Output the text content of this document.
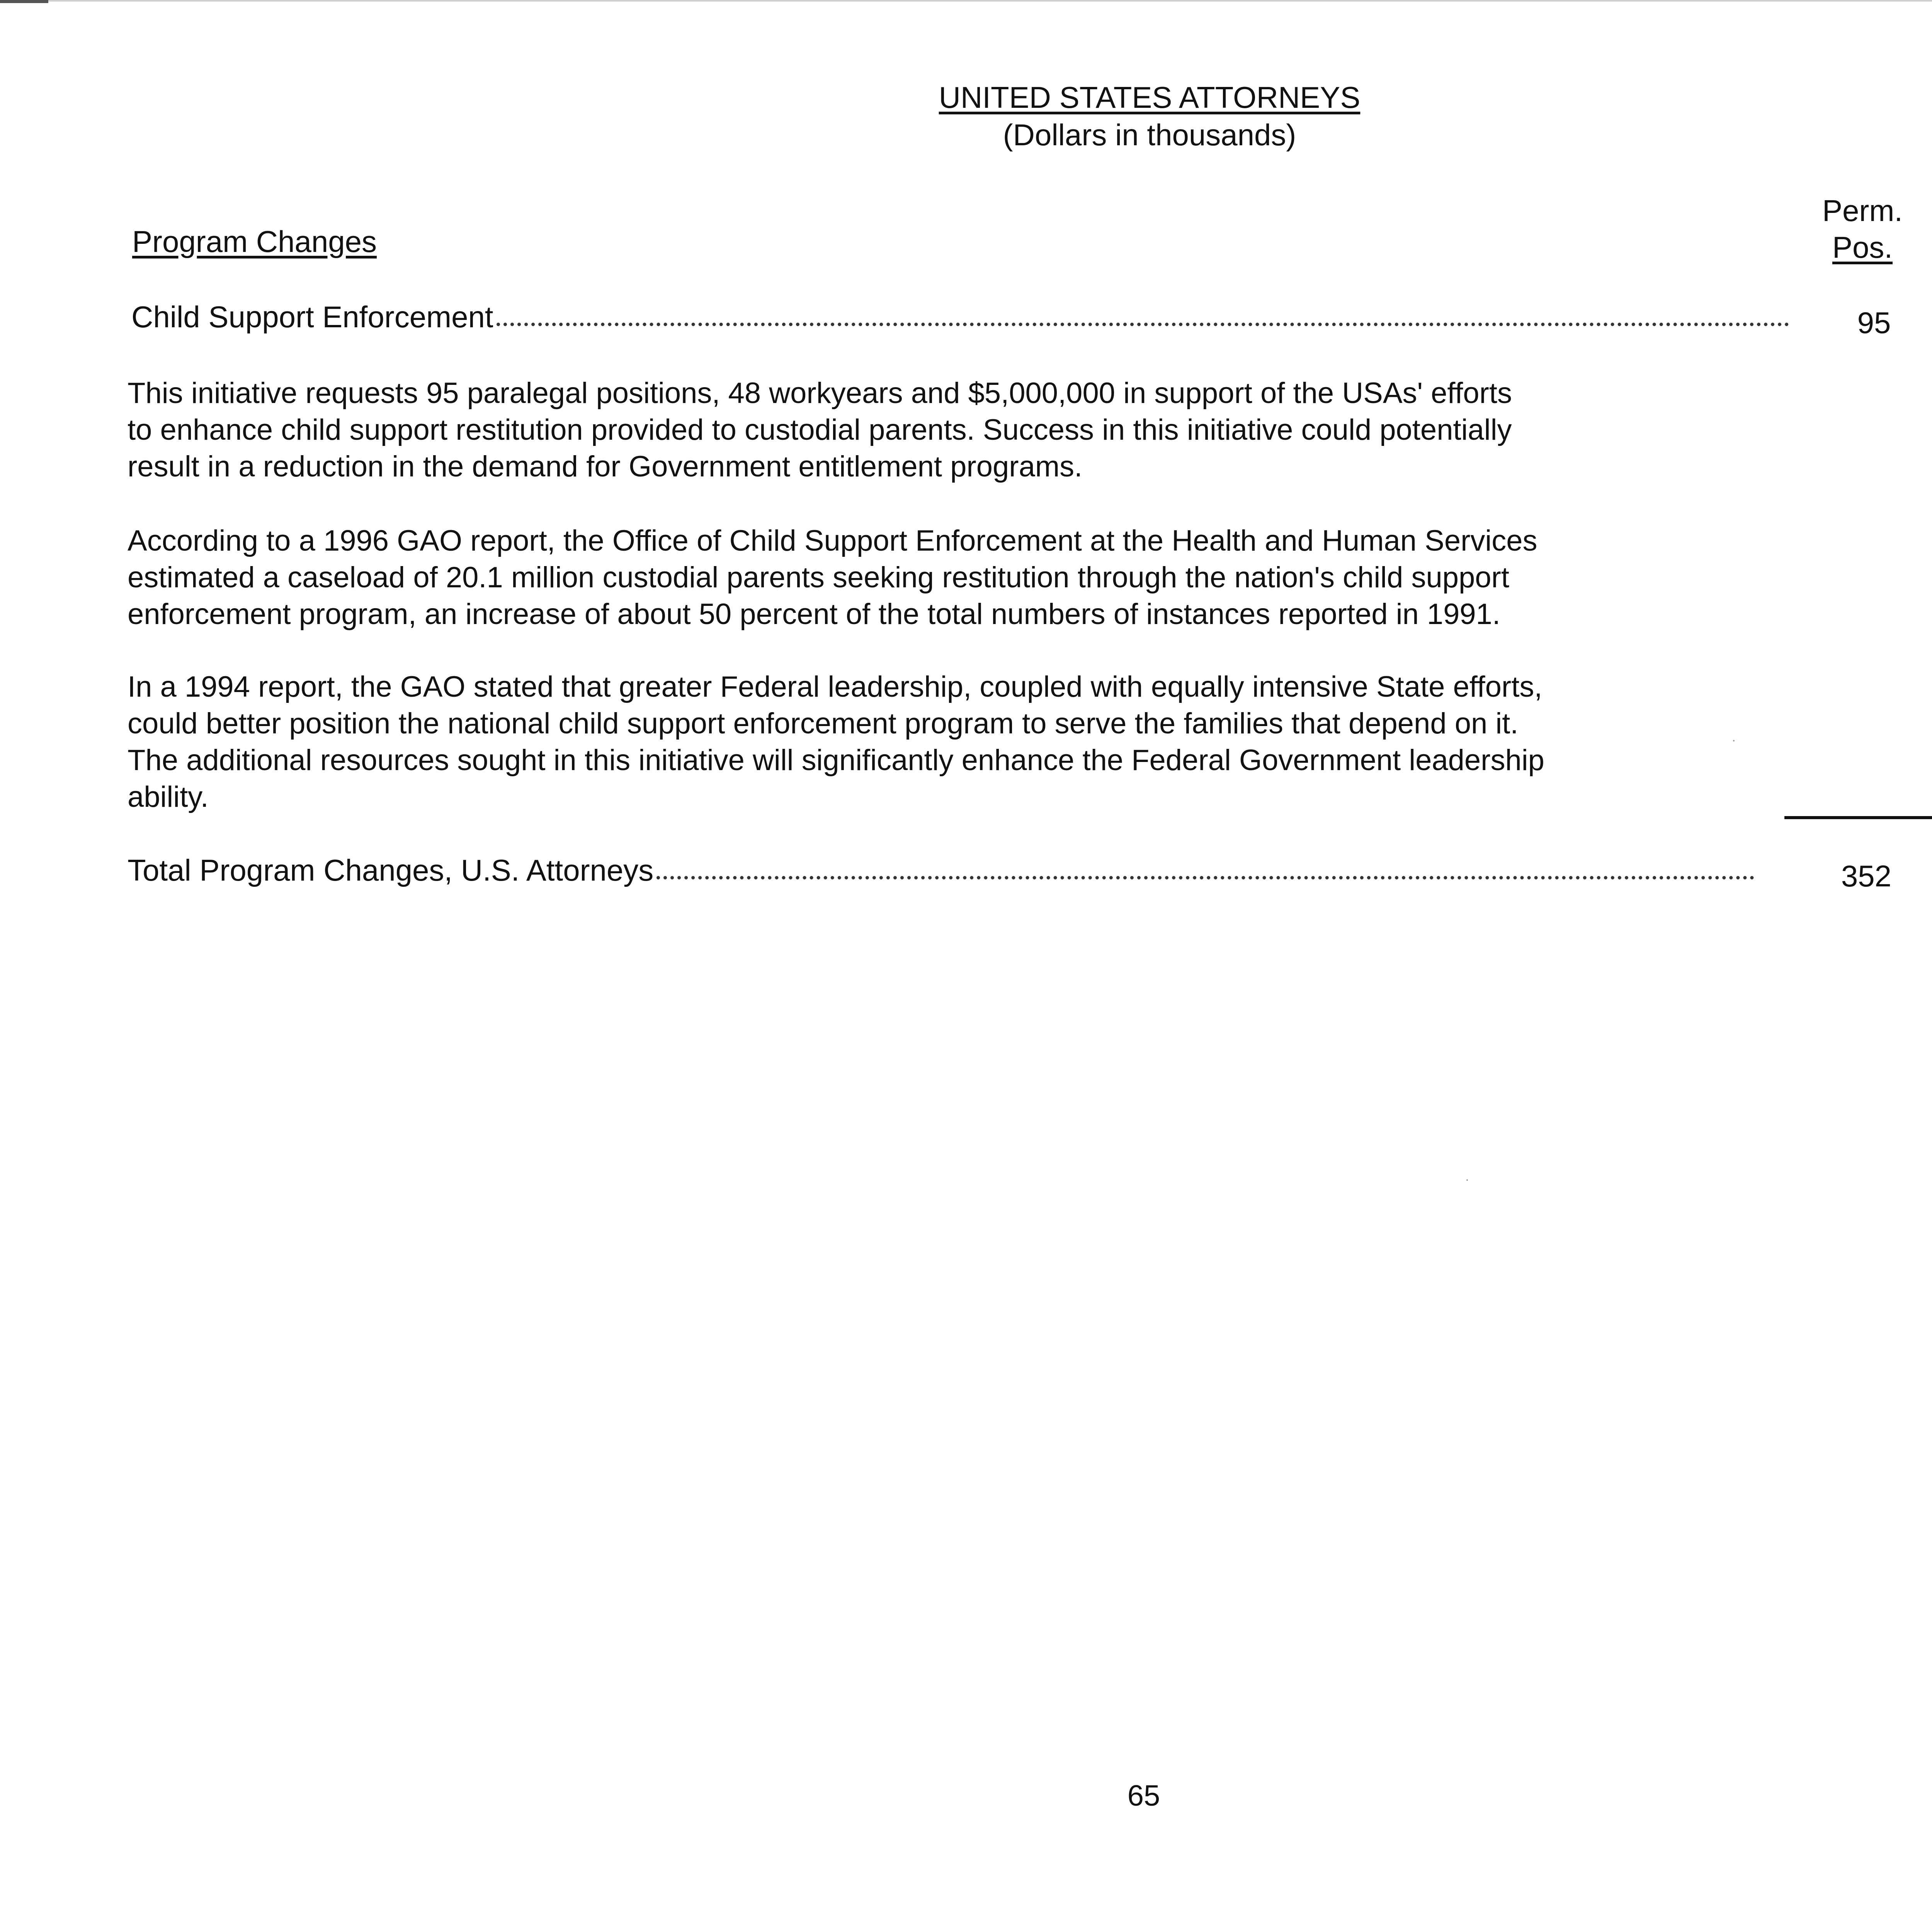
UNITED STATES ATTORNEYS
(Dollars in thousands)
Program Changes
Perm.
Pos.
Child Support Enforcement	95

This initiative requests 95 paralegal positions, 48 workyears and $5,000,000 in support of the USAs' efforts
to enhance child support restitution provided to custodial parents. Success in this initiative could potentially
result in a reduction in the demand for Government entitlement programs.

According to a 1996 GAO report, the Office of Child Support Enforcement at the Health and Human Services
estimated a caseload of 20.1 million custodial parents seeking restitution through the nation's child support
enforcement program, an increase of about 50 percent of the total numbers of instances reported in 1991.

In a 1994 report, the GAO stated that greater Federal leadership, coupled with equally intensive State efforts,
could better position the national child support enforcement program to serve the families that depend on it.
The additional resources sought in this initiative will significantly enhance the Federal Government leadership
ability.

Total Program Changes, U.S. Attorneys	352
65
